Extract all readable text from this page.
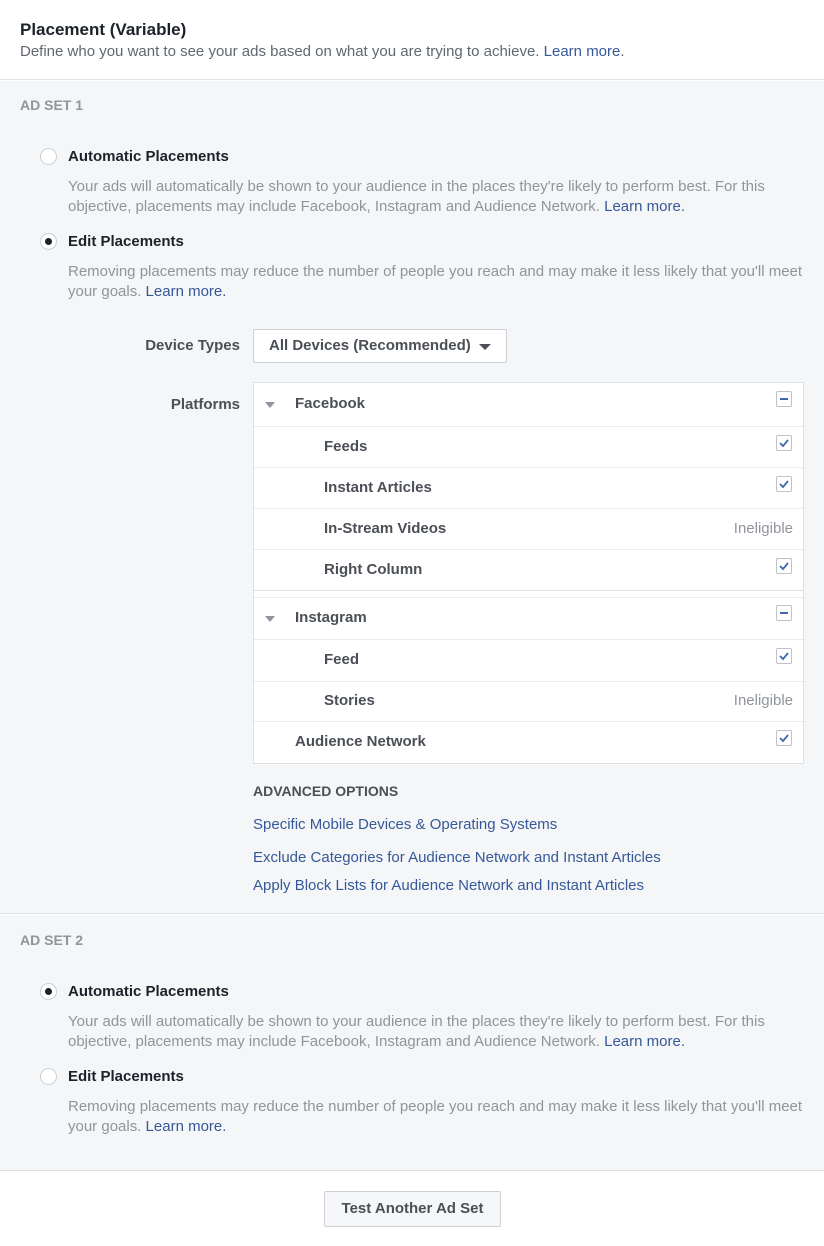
Placement (Variable)
Define who you want to see your ads based on what you are trying to achieve. Learn more.
AD SET 1
Automatic Placements
Your ads will automatically be shown to your audience in the places they're likely to perform best. For this objective, placements may include Facebook, Instagram and Audience Network. Learn more.
Edit Placements
Removing placements may reduce the number of people you reach and may make it less likely that you'll meet your goals. Learn more.
Device Types	All Devices (Recommended)
Platforms	Facebook
Feeds
Instant Articles
In-Stream Videos	Ineligible
Right Column
Instagram
Feed
Stories	Ineligible
Audience Network
ADVANCED OPTIONS
Specific Mobile Devices & Operating Systems
Exclude Categories for Audience Network and Instant Articles
Apply Block Lists for Audience Network and Instant Articles
AD SET 2
Automatic Placements
Your ads will automatically be shown to your audience in the places they're likely to perform best. For this objective, placements may include Facebook, Instagram and Audience Network. Learn more.
Edit Placements
Removing placements may reduce the number of people you reach and may make it less likely that you'll meet your goals. Learn more.
Test Another Ad Set
